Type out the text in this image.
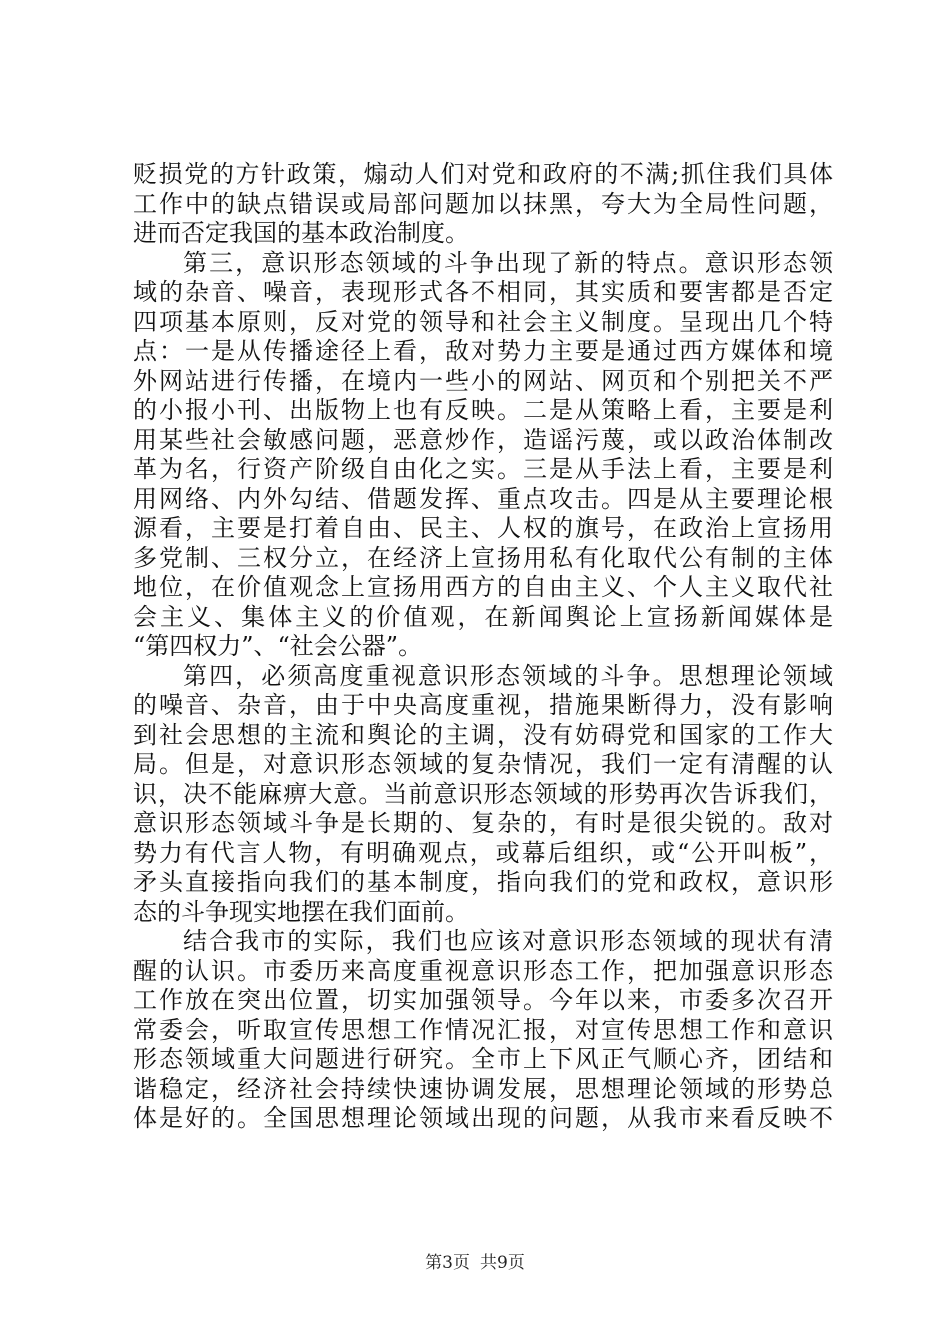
贬损党的方针政策，煽动人们对党和政府的不满;抓住我们具体
工作中的缺点错误或局部问题加以抹黑，夸大为全局性问题，
进而否定我国的基本政治制度。
第三，意识形态领域的斗争出现了新的特点。意识形态领
域的杂音、噪音，表现形式各不相同，其实质和要害都是否定
四项基本原则，反对党的领导和社会主义制度。呈现出几个特
点：一是从传播途径上看，敌对势力主要是通过西方媒体和境
外网站进行传播，在境内一些小的网站、网页和个别把关不严
的小报小刊、出版物上也有反映。二是从策略上看，主要是利
用某些社会敏感问题，恶意炒作，造谣污蔑，或以政治体制改
革为名，行资产阶级自由化之实。三是从手法上看，主要是利
用网络、内外勾结、借题发挥、重点攻击。四是从主要理论根
源看，主要是打着自由、民主、人权的旗号，在政治上宣扬用
多党制、三权分立，在经济上宣扬用私有化取代公有制的主体
地位，在价值观念上宣扬用西方的自由主义、个人主义取代社
会主义、集体主义的价值观，在新闻舆论上宣扬新闻媒体是
“第四权力”、“社会公器”。
第四，必须高度重视意识形态领域的斗争。思想理论领域
的噪音、杂音，由于中央高度重视，措施果断得力，没有影响
到社会思想的主流和舆论的主调，没有妨碍党和国家的工作大
局。但是，对意识形态领域的复杂情况，我们一定有清醒的认
识，决不能麻痹大意。当前意识形态领域的形势再次告诉我们，
意识形态领域斗争是长期的、复杂的，有时是很尖锐的。敌对
势力有代言人物，有明确观点，或幕后组织，或“公开叫板”，
矛头直接指向我们的基本制度，指向我们的党和政权，意识形
态的斗争现实地摆在我们面前。
结合我市的实际，我们也应该对意识形态领域的现状有清
醒的认识。市委历来高度重视意识形态工作，把加强意识形态
工作放在突出位置，切实加强领导。今年以来，市委多次召开
常委会，听取宣传思想工作情况汇报，对宣传思想工作和意识
形态领域重大问题进行研究。全市上下风正气顺心齐，团结和
谐稳定，经济社会持续快速协调发展，思想理论领域的形势总
体是好的。全国思想理论领域出现的问题，从我市来看反映不
第3页 共9页
